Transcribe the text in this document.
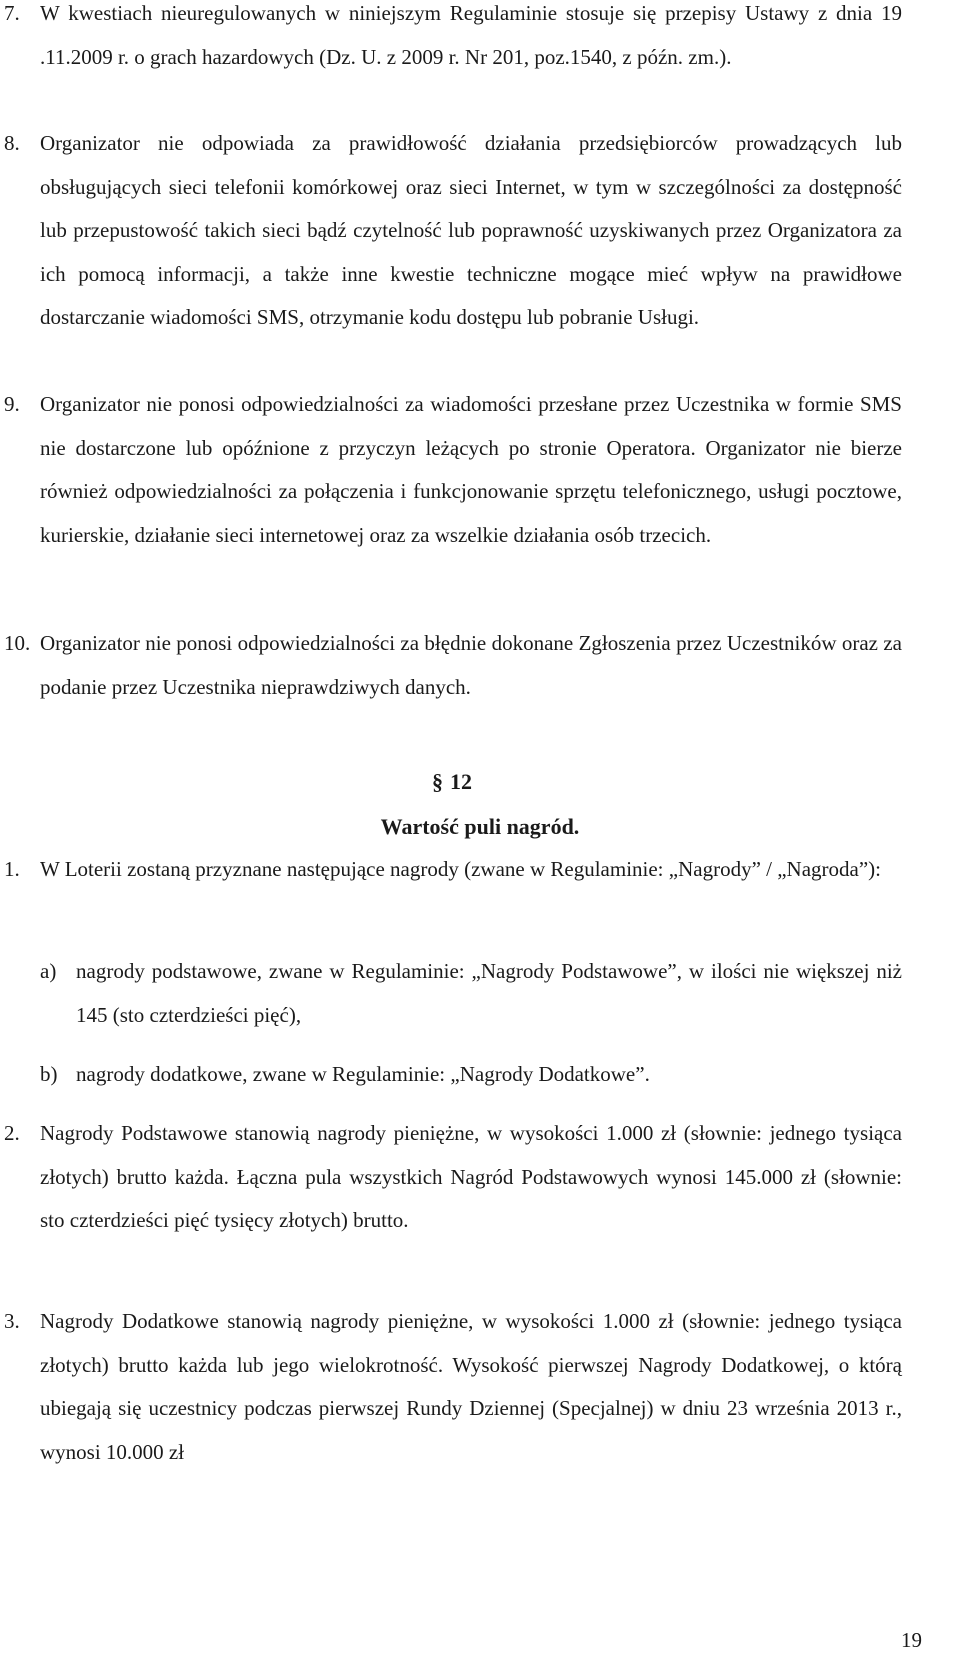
7. W kwestiach nieuregulowanych w niniejszym Regulaminie stosuje się przepisy Ustawy z dnia 19 .11.2009 r. o grach hazardowych (Dz. U. z 2009 r. Nr 201, poz.1540, z późn. zm.).
8. Organizator nie odpowiada za prawidłowość działania przedsiębiorców prowadzących lub obsługujących sieci telefonii komórkowej oraz sieci Internet, w tym w szczególności za dostępność lub przepustowość takich sieci bądź czytelność lub poprawność uzyskiwanych przez Organizatora za ich pomocą informacji, a także inne kwestie techniczne mogące mieć wpływ na prawidłowe dostarczanie wiadomości SMS, otrzymanie kodu dostępu lub pobranie Usługi.
9. Organizator nie ponosi odpowiedzialności za wiadomości przesłane przez Uczestnika w formie SMS nie dostarczone lub opóźnione z przyczyn leżących po stronie Operatora. Organizator nie bierze również odpowiedzialności za połączenia i funkcjonowanie sprzętu telefonicznego, usługi pocztowe, kurierskie, działanie sieci internetowej oraz za wszelkie działania osób trzecich.
10. Organizator nie ponosi odpowiedzialności za błędnie dokonane Zgłoszenia przez Uczestników oraz za podanie przez Uczestnika nieprawdziwych danych.
§ 12
Wartość puli nagród.
1. W Loterii zostaną przyznane następujące nagrody (zwane w Regulaminie: „Nagrody” / „Nagroda”):
a) nagrody podstawowe, zwane w Regulaminie: „Nagrody Podstawowe”, w ilości nie większej niż 145 (sto czterdzieści pięć),
b) nagrody dodatkowe, zwane w Regulaminie: „Nagrody Dodatkowe”.
2. Nagrody Podstawowe stanowią nagrody pieniężne, w wysokości 1.000 zł (słownie: jednego tysiąca złotych) brutto każda. Łączna pula wszystkich Nagród Podstawowych wynosi 145.000 zł (słownie: sto czterdzieści pięć tysięcy złotych) brutto.
3. Nagrody Dodatkowe stanowią nagrody pieniężne, w wysokości 1.000 zł (słownie: jednego tysiąca złotych) brutto każda lub jego wielokrotność. Wysokość pierwszej Nagrody Dodatkowej, o którą ubiegają się uczestnicy podczas pierwszej Rundy Dziennej (Specjalnej) w dniu 23 września 2013 r., wynosi 10.000 zł
19
